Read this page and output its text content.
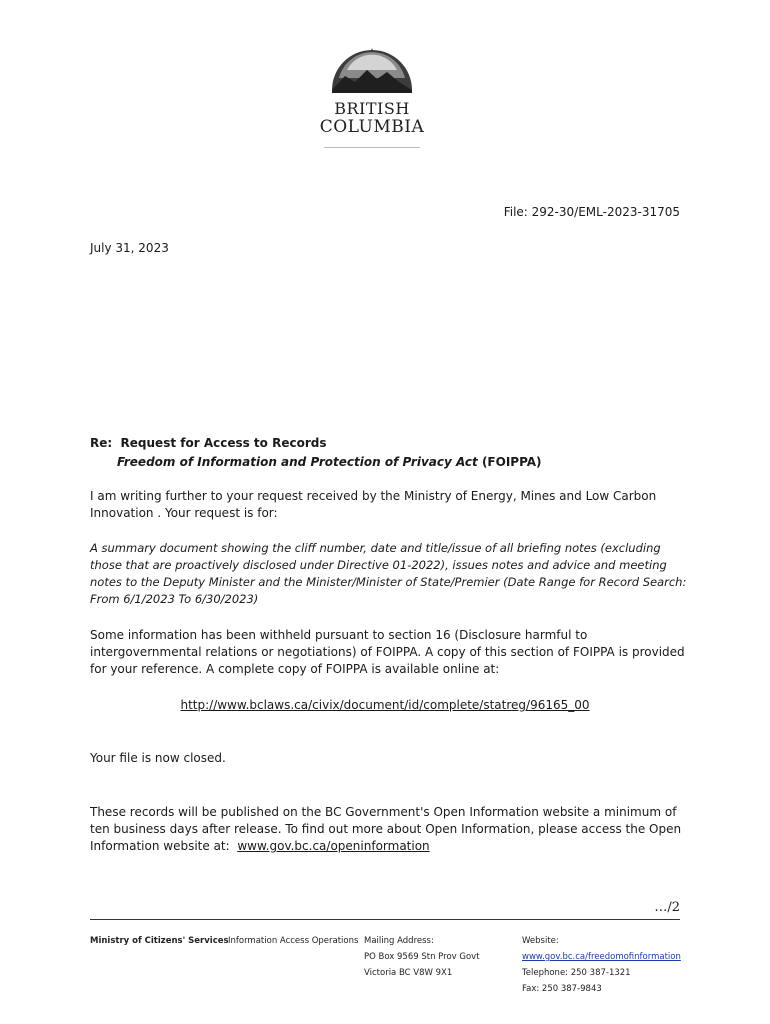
BRITISH
COLUMBIA
File: 292-30/EML-2023-31705
July 31, 2023
Re: Request for Access to Records
Freedom of Information and Protection of Privacy Act (FOIPPA)
I am writing further to your request received by the Ministry of Energy, Mines and Low Carbon Innovation . Your request is for:
A summary document showing the cliff number, date and title/issue of all briefing notes (excluding those that are proactively disclosed under Directive 01-2022), issues notes and advice and meeting notes to the Deputy Minister and the Minister/Minister of State/Premier (Date Range for Record Search: From 6/1/2023 To 6/30/2023)
Some information has been withheld pursuant to section 16 (Disclosure harmful to intergovernmental relations or negotiations) of FOIPPA. A copy of this section of FOIPPA is provided for your reference. A complete copy of FOIPPA is available online at:
http://www.bclaws.ca/civix/document/id/complete/statreg/96165_00
Your file is now closed.
These records will be published on the BC Government's Open Information website a minimum of ten business days after release. To find out more about Open Information, please access the Open Information website at: www.gov.bc.ca/openinformation
…/2
Ministry of Citizens' Services Information Access Operations Mailing Address:
PO Box 9569 Stn Prov Govt
Victoria BC V8W 9X1
Website:
www.gov.bc.ca/freedomofinformation
Telephone: 250 387-1321
Fax: 250 387-9843
